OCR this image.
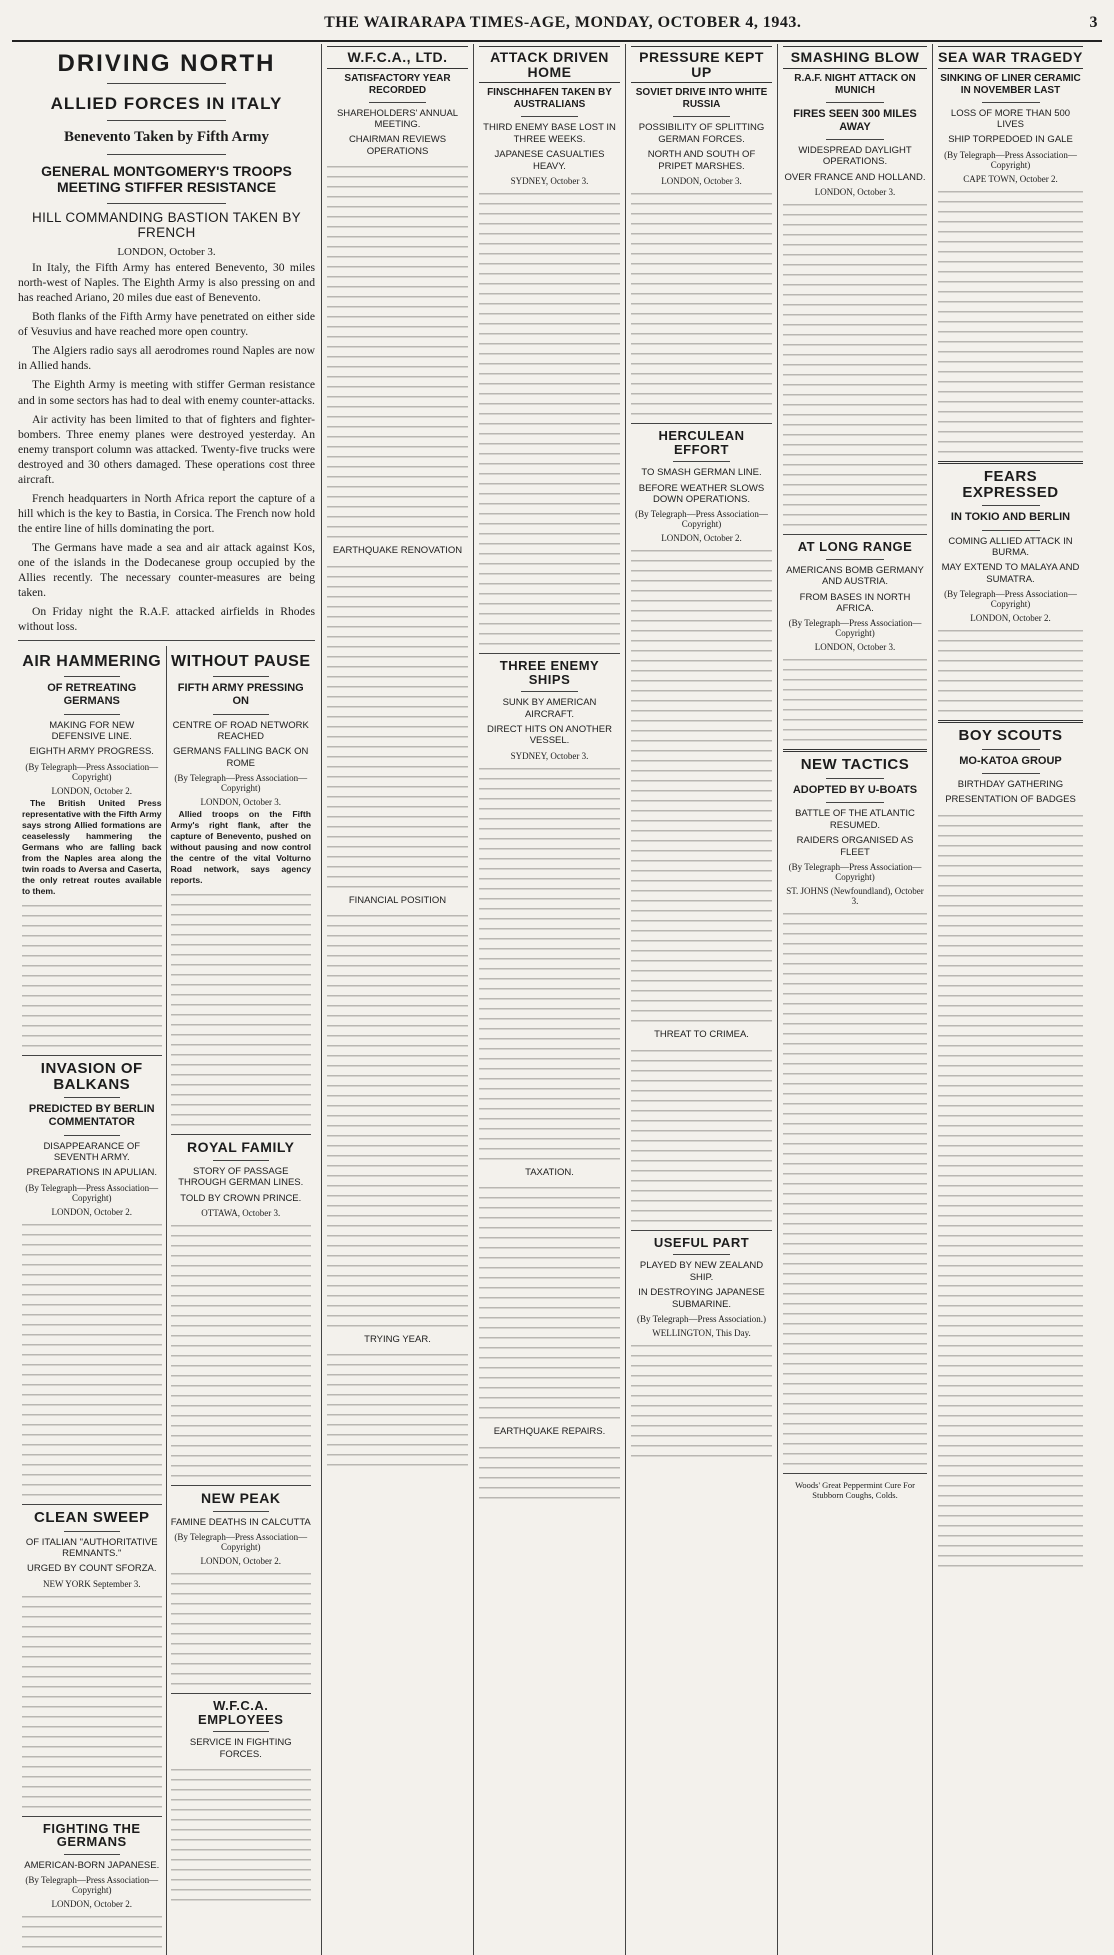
THE WAIRARAPA TIMES-AGE, MONDAY, OCTOBER 4, 1943.	3
DRIVING NORTH
ALLIED FORCES IN ITALY
Benevento Taken by Fifth Army
GENERAL MONTGOMERY'S TROOPS MEETING STIFFER RESISTANCE
HILL COMMANDING BASTION TAKEN BY FRENCH
LONDON, October 3.

In Italy, the Fifth Army has entered Benevento, 30 miles north-west of Naples. The Eighth Army is also pressing on and has reached Ariano, 20 miles due east of Benevento.

Both flanks of the Fifth Army have penetrated on either side of Vesuvius and have reached more open country.

The Algiers radio says all aerodromes round Naples are now in Allied hands.

The Eighth Army is meeting with stiffer German resistance and in some sectors has had to deal with enemy counter-attacks.

Air activity has been limited to that of fighters and fighter-bombers. Three enemy planes were destroyed yesterday. An enemy transport column was attacked. Twenty-five trucks were destroyed and 30 others damaged. These operations cost three aircraft.

French headquarters in North Africa report the capture of a hill which is the key to Bastia, in Corsica. The French now hold the entire line of hills dominating the port.

The Germans have made a sea and air attack against Kos, one of the islands in the Dodecanese group occupied by the Allies recently. The necessary counter-measures are being taken.

On Friday night the R.A.F. attacked airfields in Rhodes without loss.

AIR HAMMERING
OF RETREATING GERMANS
MAKING FOR NEW DEFENSIVE LINE.
EIGHTH ARMY PROGRESS.
(By Telegraph—Press Association—Copyright)
LONDON, October 2.

The British United Press representative with the Fifth Army says strong Allied formations are ceaselessly hammering the Germans who are falling back from the Naples area along the twin roads to Aversa and Caserta, the only retreat routes available to them.

INVASION OF BALKANS
PREDICTED BY BERLIN COMMENTATOR
DISAPPEARANCE OF SEVENTH ARMY.
PREPARATIONS IN APULIAN.
(By Telegraph—Press Association—Copyright)
LONDON, October 2.
CLEAN SWEEP
OF ITALIAN "AUTHORITATIVE REMNANTS."
URGED BY COUNT SFORZA.
NEW YORK September 3.
FIGHTING THE GERMANS
AMERICAN-BORN JAPANESE.
(By Telegraph—Press Association—Copyright)
LONDON, October 2.
WITHOUT PAUSE
FIFTH ARMY PRESSING ON
CENTRE OF ROAD NETWORK REACHED
GERMANS FALLING BACK ON ROME
(By Telegraph—Press Association—Copyright)
LONDON, October 3.

Allied troops on the Fifth Army's right flank, after the capture of Benevento, pushed on without pausing and now control the centre of the vital Volturno Road network, says agency reports.

ROYAL FAMILY
STORY OF PASSAGE THROUGH GERMAN LINES.
TOLD BY CROWN PRINCE.
OTTAWA, October 3.
NEW PEAK
FAMINE DEATHS IN CALCUTTA
(By Telegraph—Press Association—Copyright)
LONDON, October 2.
W.F.C.A. EMPLOYEES
SERVICE IN FIGHTING FORCES.
W.F.C.A., LTD.
SATISFACTORY YEAR RECORDED
SHAREHOLDERS' ANNUAL MEETING.
CHAIRMAN REVIEWS OPERATIONS
EARTHQUAKE RENOVATION
FINANCIAL POSITION
TRYING YEAR.
ATTACK DRIVEN HOME
FINSCHHAFEN TAKEN BY AUSTRALIANS
THIRD ENEMY BASE LOST IN THREE WEEKS.
JAPANESE CASUALTIES HEAVY.
SYDNEY, October 3.
THREE ENEMY SHIPS
SUNK BY AMERICAN AIRCRAFT.
DIRECT HITS ON ANOTHER VESSEL.
SYDNEY, October 3.
TAXATION.
EARTHQUAKE REPAIRS.
PRESSURE KEPT UP
SOVIET DRIVE INTO WHITE RUSSIA
POSSIBILITY OF SPLITTING GERMAN FORCES.
NORTH AND SOUTH OF PRIPET MARSHES.
LONDON, October 3.
HERCULEAN EFFORT
TO SMASH GERMAN LINE.
BEFORE WEATHER SLOWS DOWN OPERATIONS.
(By Telegraph—Press Association—Copyright)
LONDON, October 2.
THREAT TO CRIMEA.
USEFUL PART
PLAYED BY NEW ZEALAND SHIP.
IN DESTROYING JAPANESE SUBMARINE.
(By Telegraph—Press Association.)
WELLINGTON, This Day.
SMASHING BLOW
R.A.F. NIGHT ATTACK ON MUNICH
FIRES SEEN 300 MILES AWAY
WIDESPREAD DAYLIGHT OPERATIONS.
OVER FRANCE AND HOLLAND.
LONDON, October 3.
AT LONG RANGE
AMERICANS BOMB GERMANY AND AUSTRIA.
FROM BASES IN NORTH AFRICA.
(By Telegraph—Press Association—Copyright)
LONDON, October 3.
NEW TACTICS
ADOPTED BY U-BOATS
BATTLE OF THE ATLANTIC RESUMED.
RAIDERS ORGANISED AS FLEET
(By Telegraph—Press Association—Copyright)
ST. JOHNS (Newfoundland), October 3.
Woods' Great Peppermint Cure For Stubborn Coughs, Colds.
SEA WAR TRAGEDY
SINKING OF LINER CERAMIC IN NOVEMBER LAST
LOSS OF MORE THAN 500 LIVES
SHIP TORPEDOED IN GALE
(By Telegraph—Press Association—Copyright)
CAPE TOWN, October 2.
FEARS EXPRESSED
IN TOKIO AND BERLIN
COMING ALLIED ATTACK IN BURMA.
MAY EXTEND TO MALAYA AND SUMATRA.
(By Telegraph—Press Association—Copyright)
LONDON, October 2.
BOY SCOUTS
MO-KATOA GROUP
BIRTHDAY GATHERING
PRESENTATION OF BADGES
